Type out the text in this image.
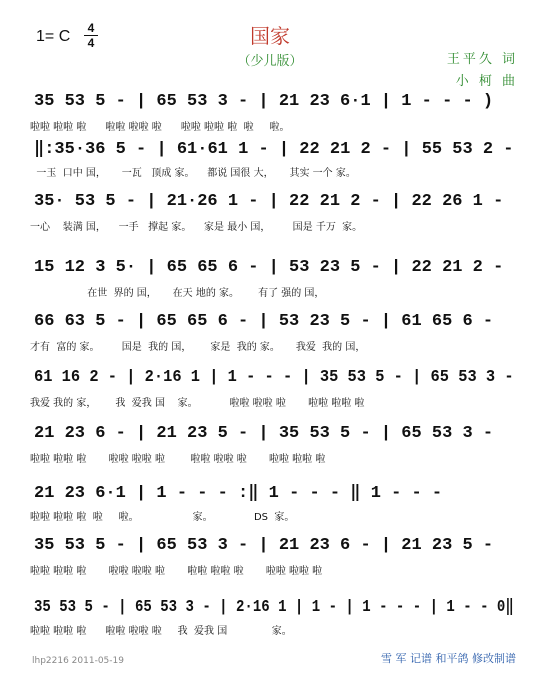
1= C	4
4	国家
（少儿版）	王平久 词
小 柯 曲
35 53 5 - | 65 53 3 - | 21 23 6·1 | 1 - - - )
啦啦 啦啦 啦      啦啦 啦啦 啦      啦啦 啦啦 啦  啦     啦。
‖:35·36 5 - | 61·61 1 - | 22 21 2 - | 55 53 2 -
一玉  口中 国，     一瓦   顶成 家。    都说 国很 大，     其实 一个 家。
35· 53 5 - | 21·26 1 - | 22 21 2 - | 22 26 1 -
一心    装满 国，    一手   撑起 家。    家是 最小 国，       国是 千万  家。
15 12 3 5· | 65 65 6 - | 53 23 5 - | 22 21 2 -
在世  界的 国，     在天 地的 家。      有了 强的 国，
66 63 5 - | 65 65 6 - | 53 23 5 - | 61 65 6 -
才有  富的 家。       国是  我的 国，      家是  我的 家。     我爱  我的 国，
61 16 2 - | 2·16 1 | 1 - - - | 35 53 5 - | 65 53 3 -
我爱 我的 家，      我  爱我 国    家。          啦啦 啦啦 啦       啦啦 啦啦 啦
21 23 6 - | 21 23 5 - | 35 53 5 - | 65 53 3 -
啦啦 啦啦 啦       啦啦 啦啦 啦        啦啦 啦啦 啦       啦啦 啦啦 啦
21 23 6·1 | 1 - - - :‖ 1 - - - ‖ 1 - - -
啦啦 啦啦 啦  啦     啦。                 家。             DS  家。
35 53 5 - | 65 53 3 - | 21 23 6 - | 21 23 5 -
啦啦 啦啦 啦       啦啦 啦啦 啦       啦啦 啦啦 啦       啦啦 啦啦 啦
35 53 5 - | 65 53 3 - | 2·16 1 | 1 - | 1 - - - | 1 - - 0‖
啦啦 啦啦 啦      啦啦 啦啦 啦     我  爱我 国              家。
lhp2216 2011-05-19	雪 军 记谱 和平鸽 修改制谱
